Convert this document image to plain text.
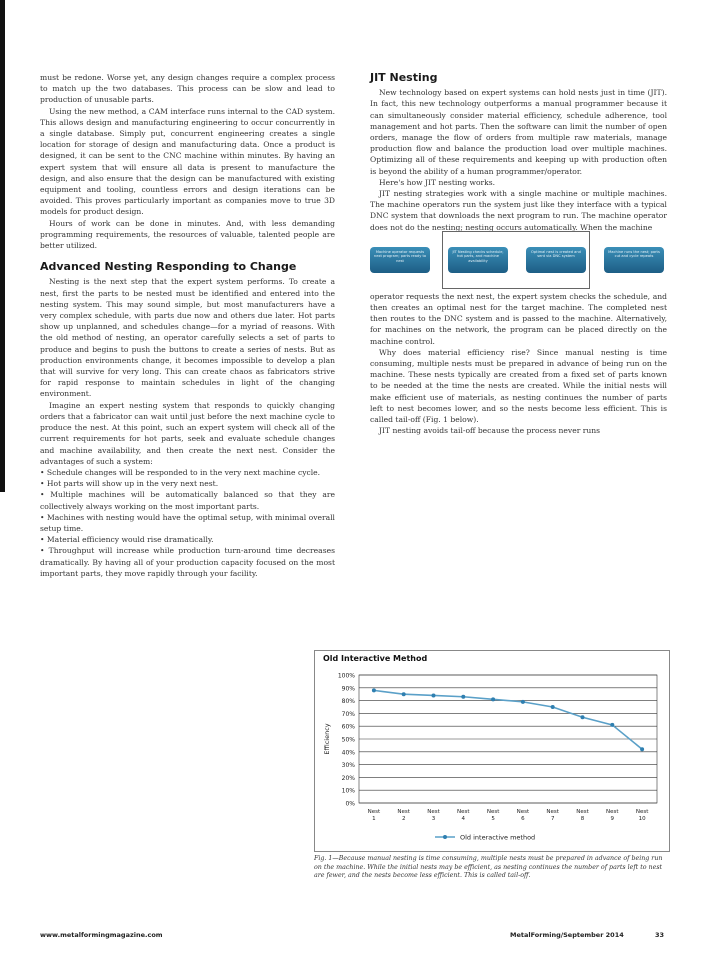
must be redone. Worse yet, any design changes require a complex process to match up the two databases. This process can be slow and lead to production of unusable parts.

Using the new method, a CAM interface runs internal to the CAD system. This allows design and manufacturing engineering to occur concurrently in a single database. Simply put, concurrent engineering creates a single location for storage of design and manufacturing data. Once a product is designed, it can be sent to the CNC machine within minutes. By having an expert system that will ensure all data is present to manufacture the design, and also ensure that the design can be manufactured with existing equipment and tooling, countless errors and design iterations can be avoided. This proves particularly important as companies move to true 3D models for product design.

Hours of work can be done in minutes. And, with less demanding programming requirements, the resources of valuable, talented people are better utilized.

Advanced Nesting Responding to Change

Nesting is the next step that the expert system performs. To create a nest, first the parts to be nested must be identified and entered into the nesting system. This may sound simple, but most manufacturers have a very complex schedule, with parts due now and others due later. Hot parts show up unplanned, and schedules change—for a myriad of reasons. With the old method of nesting, an operator carefully selects a set of parts to produce and begins to push the buttons to create a series of nests. But as production environments change, it becomes impossible to develop a plan that will survive for very long. This can create chaos as fabricators strive for rapid response to maintain schedules in light of the changing environment.

Imagine an expert nesting system that responds to quickly changing orders that a fabricator can wait until just before the next machine cycle to produce the nest. At this point, such an expert system will check all of the current requirements for hot parts, seek and evaluate schedule changes and machine availability, and then create the next nest. Consider the advantages of such a system:

• Schedule changes will be responded to in the very next machine cycle.

• Hot parts will show up in the very next nest.

• Multiple machines will be automatically balanced so that they are collectively always working on the most important parts.

• Machines with nesting would have the optimal setup, with minimal overall setup time.

• Material efficiency would rise dramatically.

• Throughput will increase while production turn-around time decreases dramatically. By having all of your production capacity focused on the most important parts, they move rapidly through your facility.

JIT Nesting

New technology based on expert systems can hold nests just in time (JIT). In fact, this new technology outperforms a manual programmer because it can simultaneously consider material efficiency, schedule adherence, tool management and hot parts. Then the software can limit the number of open orders, manage the flow of orders from multiple raw materials, manage production flow and balance the production load over multiple machines. Optimizing all of these requirements and keeping up with production often is beyond the ability of a human programmer/operator.

Here's how JIT nesting works.

JIT nesting strategies work with a single machine or multiple machines. The machine operators run the system just like they interface with a typical DNC system that downloads the next program to run. The machine operator does not do the nesting; nesting occurs automatically. When the machine

Machine operator requests next program; parts ready to nest
JIT Nesting checks schedule, hot parts, and machine availability
Optimal nest is created and sent via DNC system
Machine runs the nest; parts cut and cycle repeats

operator requests the next nest, the expert system checks the schedule, and then creates an optimal nest for the target machine. The completed nest then routes to the DNC system and is passed to the machine. Alternatively, for machines on the network, the program can be placed directly on the machine control.

Why does material efficiency rise? Since manual nesting is time consuming, multiple nests must be prepared in advance of being run on the machine. These nests typically are created from a fixed set of parts known to be needed at the time the nests are created. While the initial nests will make efficient use of materials, as nesting continues the number of parts left to nest becomes lower, and so the nests become less efficient. This is called tail-off (Fig. 1 below).

JIT nesting avoids tail-off because the process never runs

Old Interactive Method
100%
90%
80%
70%
60%
50%
40%
30%
20%
10%
0%
Efficiency
Nest 1
Nest 2
Nest 3
Nest 4
Nest 5
Nest 6
Nest 7
Nest 8
Nest 9
Nest 10
Old interactive method
Fig. 1—Because manual nesting is time consuming, multiple nests must be prepared in advance of being run on the machine. While the initial nests may be efficient, as nesting continues the number of parts left to nest are fewer, and the nests become less efficient. This is called tail-off.
www.metalformingmagazine.com	MetalForming/September 2014	33
